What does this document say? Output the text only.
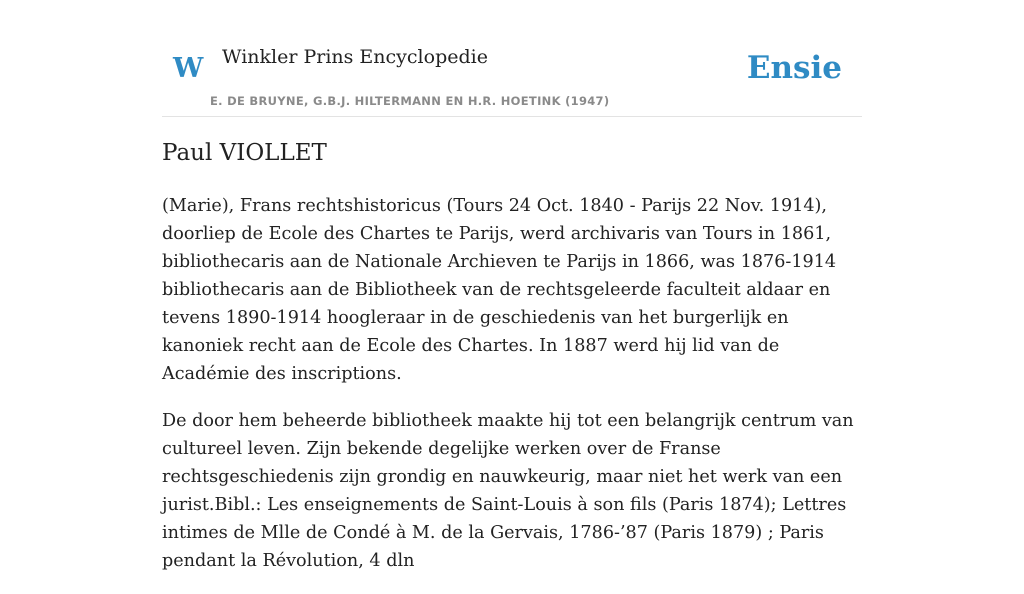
W Winkler Prins Encyclopedie
E. DE BRUYNE, G.B.J. HILTERMANN EN H.R. HOETINK (1947)
Ensie
Paul VIOLLET

(Marie), Frans rechtshistoricus (Tours 24 Oct. 1840 - Parijs 22 Nov. 1914), doorliep de Ecole des Chartes te Parijs, werd archivaris van Tours in 1861, bibliothecaris aan de Nationale Archieven te Parijs in 1866, was 1876-1914 bibliothecaris aan de Bibliotheek van de rechtsgeleerde faculteit aldaar en tevens 1890-1914 hoogleraar in de geschiedenis van het burgerlijk en kanoniek recht aan de Ecole des Chartes. In 1887 werd hij lid van de Académie des inscriptions.

De door hem beheerde bibliotheek maakte hij tot een belangrijk centrum van cultureel leven. Zijn bekende degelijke werken over de Franse rechtsgeschiedenis zijn grondig en nauwkeurig, maar niet het werk van een jurist.Bibl.: Les enseignements de Saint-Louis à son fils (Paris 1874); Lettres intimes de Mlle de Condé à M. de la Gervais, 1786-’87 (Paris 1879) ; Paris pendant la Révolution, 4 dln
